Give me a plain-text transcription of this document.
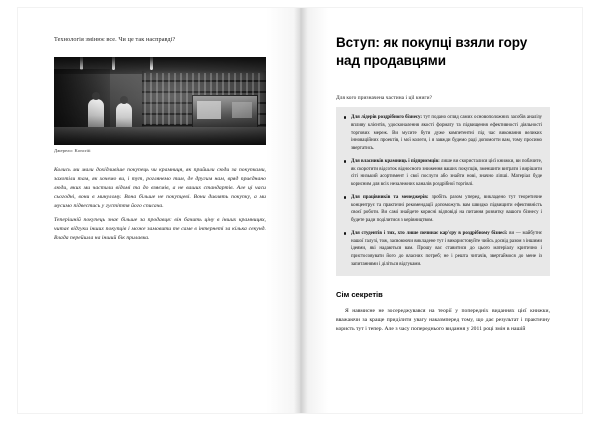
Технологія змінює все. Чи це так насправді?
Джерело: Koncriti

Колись ми мали дохідливіше покупець чи крамниця, як прийшли сюди за покупками, захотіли там, як хочемо ви, і тут, роглянемо тим, де другим нам, вряд приєднано люди, яких ми частили відомі та до взяємів, а не ваших стандартів. Але ці часи сьогодні, вони в минулому. Вона більше не покупцеві. Вони дивлять покупку, а ми мусимо підвестись у густіття його списача.

Теперішній покупець знає більше за продавця: він бачить ціну в інших крамницях, читає відгуки інших покупців і може замовити те саме в інтернеті за кілька секунд. Влада перейшла на інший бік прилавка.

Вступ: як покупці взяли гору над продавцями
Для кого призначена частина і ціl книги?
Для лідерів роздрібного бізнесу: тут подано огляд самих основоположних засобів аналізу впливу клієнтів, удосконалення якості формату та підвищення ефективності діяльності торгових мереж. Ви мусите бути дуже компетентні під час виконання великих інноваційних проектів, і мої колеги, і я завжди будемо раді допомогти вам, тому просимо звертатись.
Для власників крамниць і підприємців: лише ви скористалися цієї книжки, ви побачите, як скоротити відсоток відносного зниження ваших покупців, зменшити витрати і вирішити сіті низький асортимент і свої послуги або знайти нові, значно ліпші. Матеріал буде корисним для всіх незалежних каналів роздрібної торгівлі.
Для працівників та менеджерів: зробіть разом уперед, викладено тут теоретичне концентрує та практичні рекомендації допоможуть вам швидко підвищити ефективність своєї роботи. Ви самі знайдете корисні відповіді на питання розвитку вашого бізнесу і будете ради поділитися з керівництвом.
Для студентів і тих, хто лише починає кар'єру в роздрібному бізнесі: ви — майбутнє нашої галузі, тож, засвоюючи викладене тут і використовуйте чийсь досвід разом з іншими ідеями, які надаються вам. Прошу вас ставитися до цього матеріалу критично і пристосовувати його до власних потреб; не і рештa читачів, звертаймося до мене із запитаннями і діліться відгуками.
Сім секретів

Я навмисне не зосереджувався на теорії у попередніх виданнях цієї книжки, вважаючи за краще приділити увагу наказмперед тому, що дає результат і практичну користь тут і тепер. Але з часу попереднього видання у 2011 році змін в нашій
